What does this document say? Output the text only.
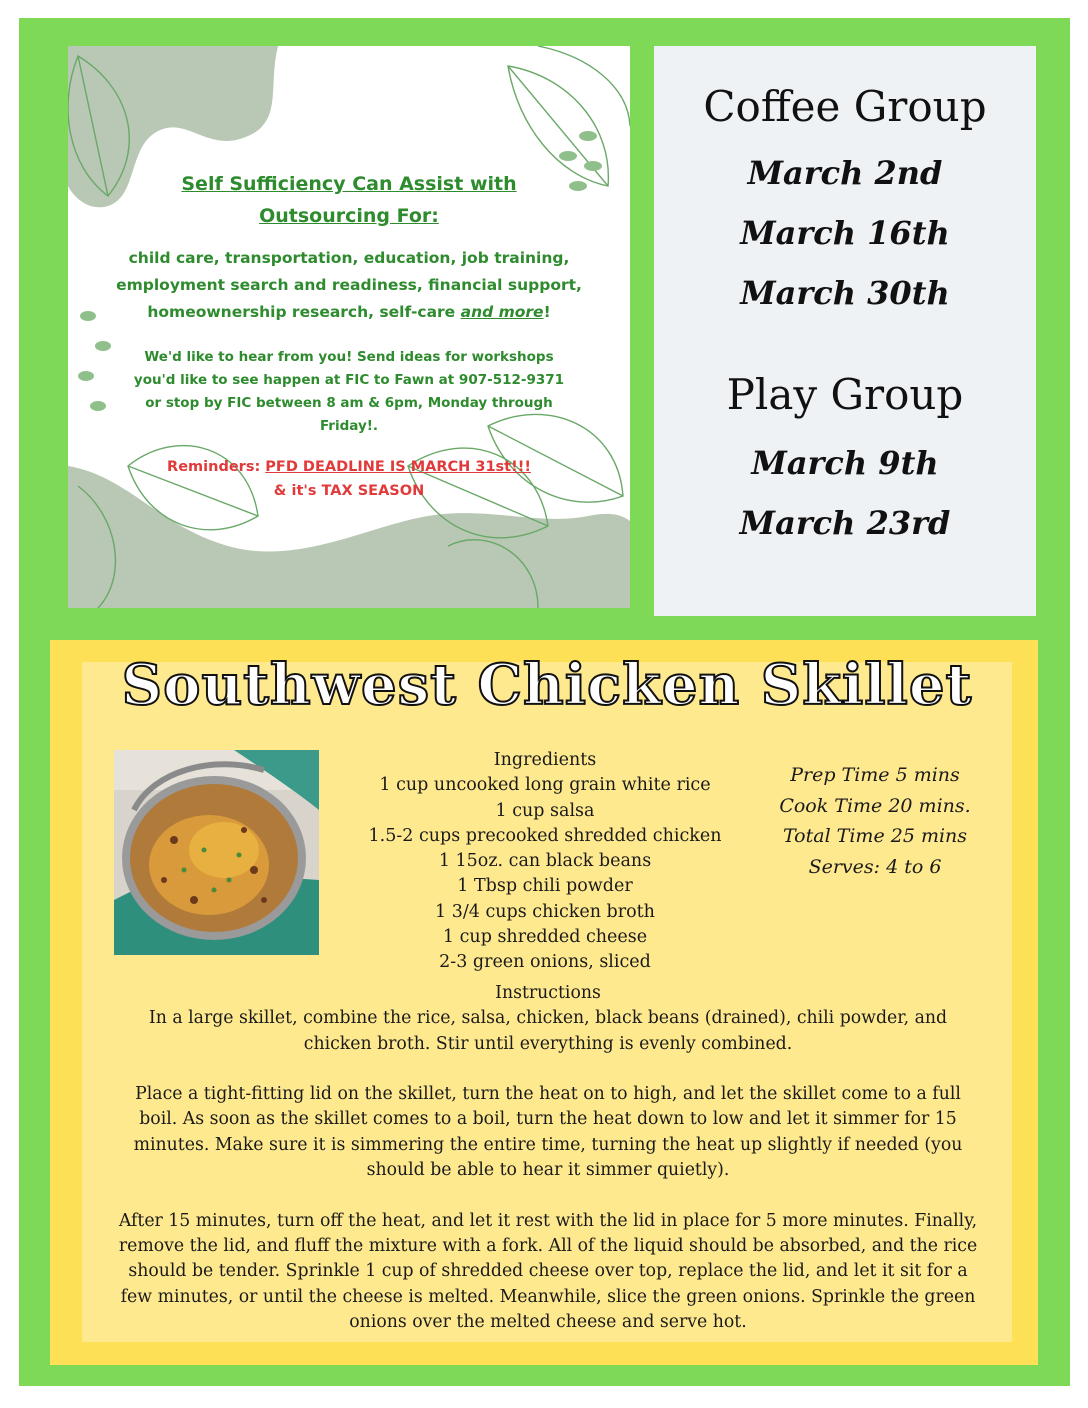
Self Sufficiency Can Assist with
Outsourcing For:
child care, transportation, education, job training, employment search and readiness, financial support, homeownership research, self-care and more!
We'd like to hear from you! Send ideas for workshops you'd like to see happen at FIC to Fawn at 907-512-9371 or stop by FIC between 8 am & 6pm, Monday through Friday!.
Reminders: PFD DEADLINE IS MARCH 31st!!!
& it's TAX SEASON
Coffee Group
March 2nd
March 16th
March 30th
Play Group
March 9th
March 23rd
Southwest Chicken Skillet
Ingredients
1 cup uncooked long grain white rice
1 cup salsa
1.5-2 cups precooked shredded chicken
1 15oz. can black beans
1 Tbsp chili powder
1 3/4 cups chicken broth
1 cup shredded cheese
2-3 green onions, sliced
Prep Time 5 mins
Cook Time 20 mins.
Total Time 25 mins
Serves: 4 to 6

Instructions

In a large skillet, combine the rice, salsa, chicken, black beans (drained), chili powder, and chicken broth. Stir until everything is evenly combined.

Place a tight-fitting lid on the skillet, turn the heat on to high, and let the skillet come to a full boil. As soon as the skillet comes to a boil, turn the heat down to low and let it simmer for 15 minutes. Make sure it is simmering the entire time, turning the heat up slightly if needed (you should be able to hear it simmer quietly).

After 15 minutes, turn off the heat, and let it rest with the lid in place for 5 more minutes. Finally, remove the lid, and fluff the mixture with a fork. All of the liquid should be absorbed, and the rice should be tender. Sprinkle 1 cup of shredded cheese over top, replace the lid, and let it sit for a few minutes, or until the cheese is melted. Meanwhile, slice the green onions. Sprinkle the green onions over the melted cheese and serve hot.
